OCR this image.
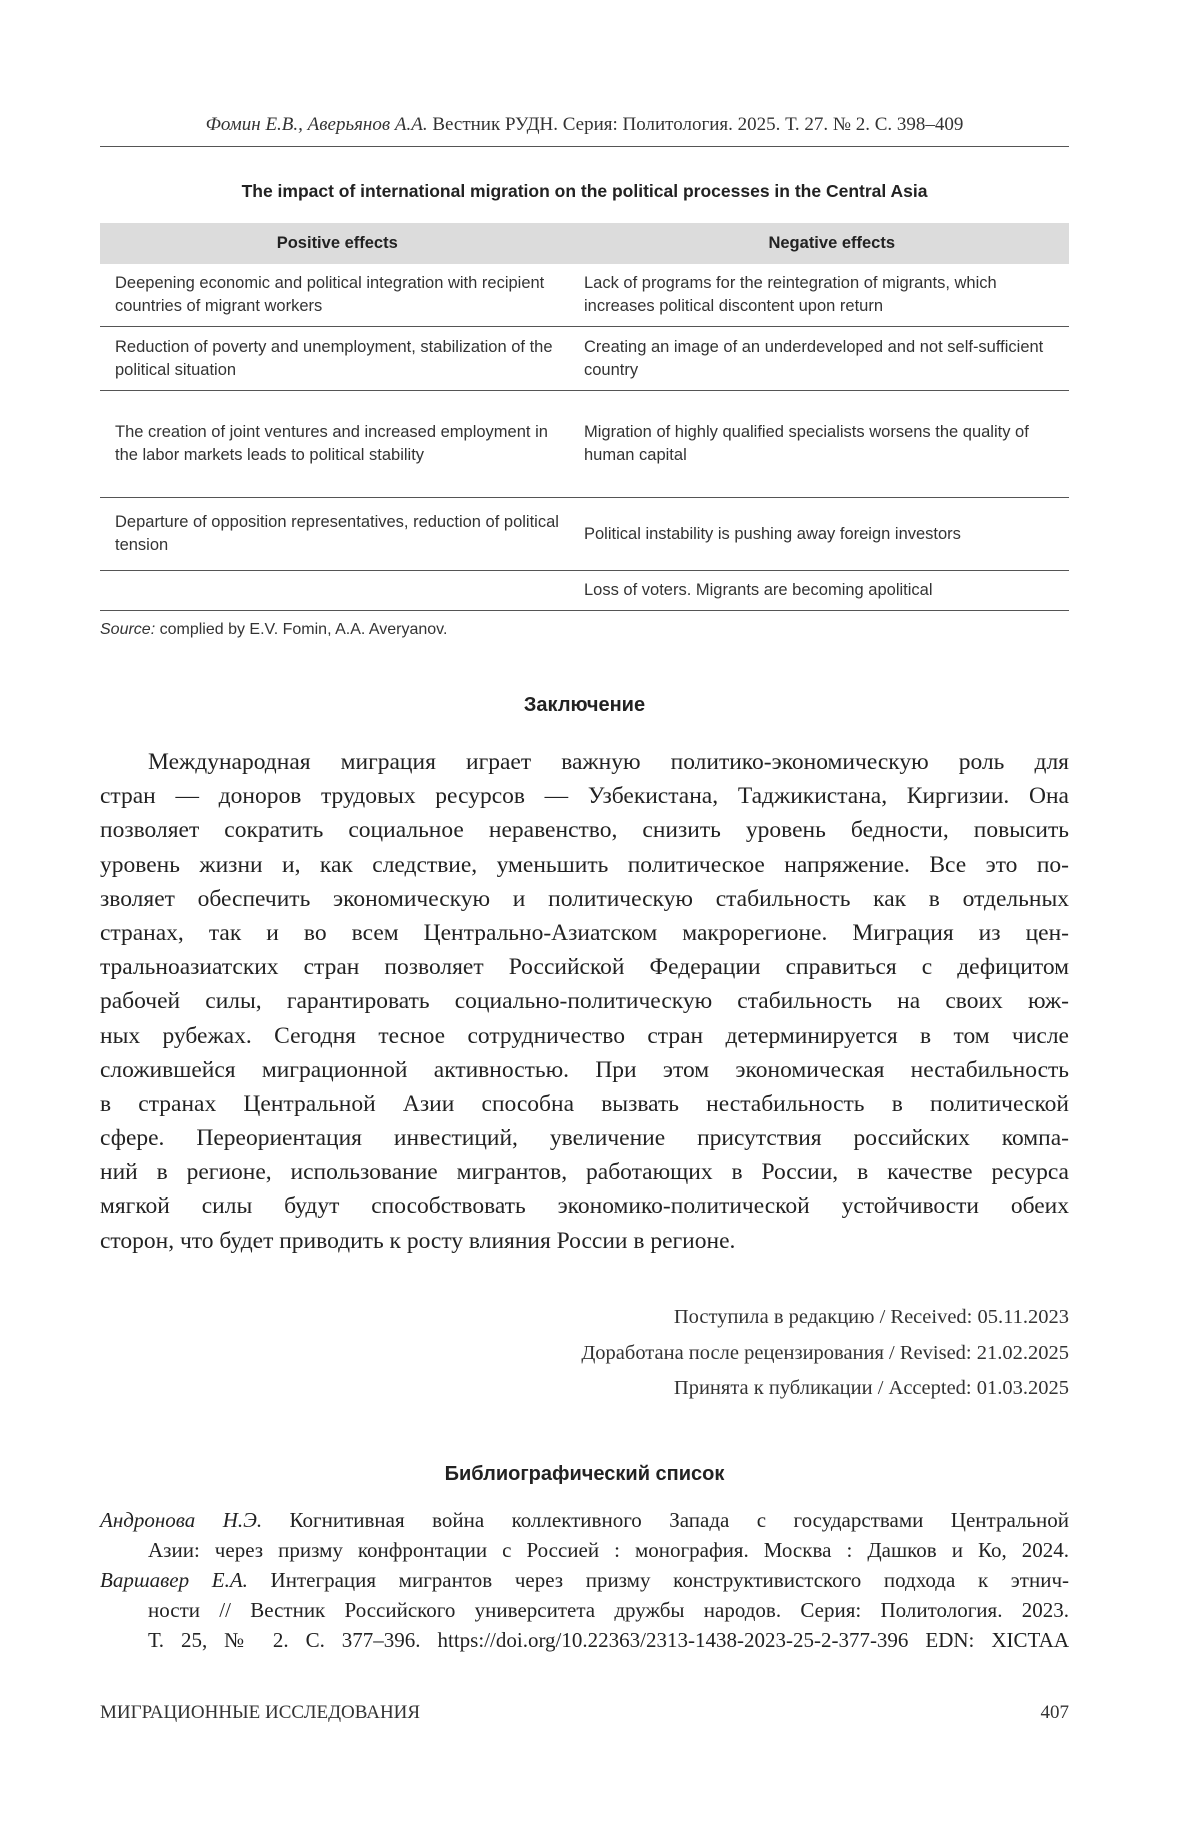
Фомин Е.В., Аверьянов А.А. Вестник РУДН. Серия: Политология. 2025. Т. 27. № 2. С. 398–409
The impact of international migration on the political processes in the Central Asia
Positive effects	Negative effects
Deepening economic and political integration with recipient countries of migrant workers
Lack of programs for the reintegration of migrants, which increases political discontent upon return
Reduction of poverty and unemployment, stabilization of the political situation
Creating an image of an underdeveloped and not self-sufficient country
The creation of joint ventures and increased employment in the labor markets leads to political stability
Migration of highly qualified specialists worsens the quality of human capital
Departure of opposition representatives, reduction of political tension
Political instability is pushing away foreign investors
Loss of voters. Migrants are becoming apolitical
Source: complied by E.V. Fomin, A.A. Averyanov.
Заключение
Международная миграция играет важную политико-экономическую роль для
стран — доноров трудовых ресурсов — Узбекистана, Таджикистана, Киргизии. Она
позволяет сократить социальное неравенство, снизить уровень бедности, повысить
уровень жизни и, как следствие, уменьшить политическое напряжение. Все это по-
зволяет обеспечить экономическую и политическую стабильность как в отдельных
странах, так и во всем Центрально-Азиатском макрорегионе. Миграция из цен-
тральноазиатских стран позволяет Российской Федерации справиться с дефицитом
рабочей силы, гарантировать социально-политическую стабильность на своих юж-
ных рубежах. Сегодня тесное сотрудничество стран детерминируется в том числе
сложившейся миграционной активностью. При этом экономическая нестабильность
в странах Центральной Азии способна вызвать нестабильность в политической
сфере. Переориентация инвестиций, увеличение присутствия российских компа-
ний в регионе, использование мигрантов, работающих в России, в качестве ресурса
мягкой силы будут способствовать экономико-политической устойчивости обеих
сторон, что будет приводить к росту влияния России в регионе.
Поступила в редакцию / Received: 05.11.2023
Доработана после рецензирования / Revised: 21.02.2025
Принята к публикации / Accepted: 01.03.2025
Библиографический список
Андронова Н.Э. Когнитивная война коллективного Запада с государствами Центральной
Азии: через призму конфронтации с Россией : монография. Москва : Дашков и Ко, 2024.
Варшавер Е.А. Интеграция мигрантов через призму конструктивистского подхода к этнич-
ности // Вестник Российского университета дружбы народов. Серия: Политология. 2023.
Т. 25, № 2. С. 377–396. https://doi.org/10.22363/2313-1438-2023-25-2-377-396 EDN: XICTAA
МИГРАЦИОННЫЕ ИССЛЕДОВАНИЯ	407
